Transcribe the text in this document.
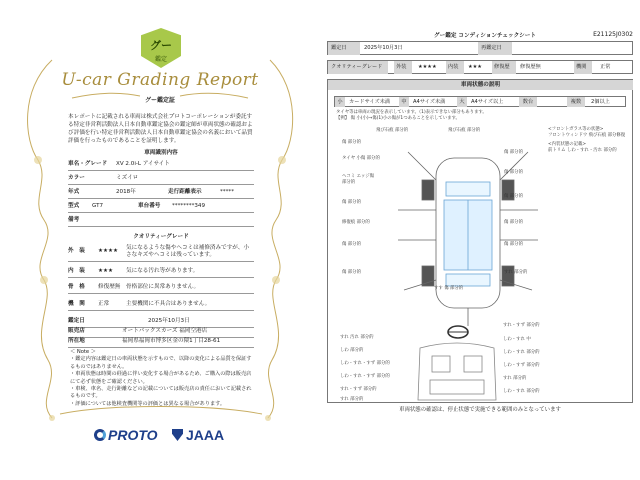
グー
鑑定
U-car Grading Report
グー鑑定証
本レポートに記載される車両は株式会社プロトコーポレーションが委託する特定非営利活動法人日本自動車鑑定協会の鑑定師が車両状態の確認および評価を行い特定非営利活動法人日本自動車鑑定協会の名義において品質評価を行ったものであることを証明します。
車両識別内容
車名・グレード XV 2.0i-L アイサイト
カラー	ミズイロ
年式	2018年	走行距離表示	*****
型式 GT7	車台番号 ********349
備考
クオリティーグレード
外　装 ★★★★ 気になるような傷やヘコミは補修済みですが、小さなキズやヘコミは残っています。
内　装 ★★★ 気になる汚れ等があります。
骨　格 修復歴無 骨格部位に異常ありません。
機　関 正常	主要機関に不具合はありません。
鑑定日	2025年10月3日
販売店	オートバックスカーズ 福岡空港店
所在地	福岡県福岡市博多区金の隈1丁目28-61
＜ Note ＞
・鑑定内容は鑑定日の車両状態を示すもので、以降の変化による品質を保証するものではありません。
・車両状態は時間の経過に伴い変化する場合があるため、ご購入の際は販売店にて必ず状態をご確認ください。
・車検、車名、走行距離などの記載については販売店の責任において記載されるものです。
・評価については他検査機関等の評価とは異なる場合があります。
PROTO JAAA
グー鑑定 コンディションチェックシート	E21125J0302
鑑定日	2025年10月3日	再鑑定日
クオリティーグレード	外装	★★★★	内装	★★★	修復歴	修復歴無	機関	正常
車両状態の説明
小	カードサイズ未満	中	A4サイズ未満	大	A4サイズ以上	数台	複数	2個以上
タイヤ等は車両の現況を表示しています。（1)表示できない部分もあります。
【例】 傷 小(小)→傷(1)小の傷が1つあることを示しています。
<フロントガラス等の状態>
フロントウィンドウ 飛び石痕 部分修復
<内装状態の記載>
前トリム しわ・すれ・汚れ 部分的
飛び石痕 部分的	飛び石痕 部分的
傷 部分的
傷 部分的
タイヤ 小傷 部分的
傷 部分的
ヘコミ エッジ傷 部分的
傷 部分的
傷 部分的
修復痕 部分的	傷 部分的
傷 部分的	傷 部分的
すす 傷 部分的
傷 部分的	すれ 部分的
すれ・すず 部分的
すれ 汚れ 部分的	しわ・すれ 中
しわ 部分的	しわ・すれ 部分的
しわ・すれ・すず 部分的	しわ・すず 部分的
しわ・すれ・すず 部分的	すれ 部分的
すれ・すず 部分的	しわ・すれ 部分的
すれ 部分的
車両状態の確認は、停止状態で実施できる範囲のみとなっています
